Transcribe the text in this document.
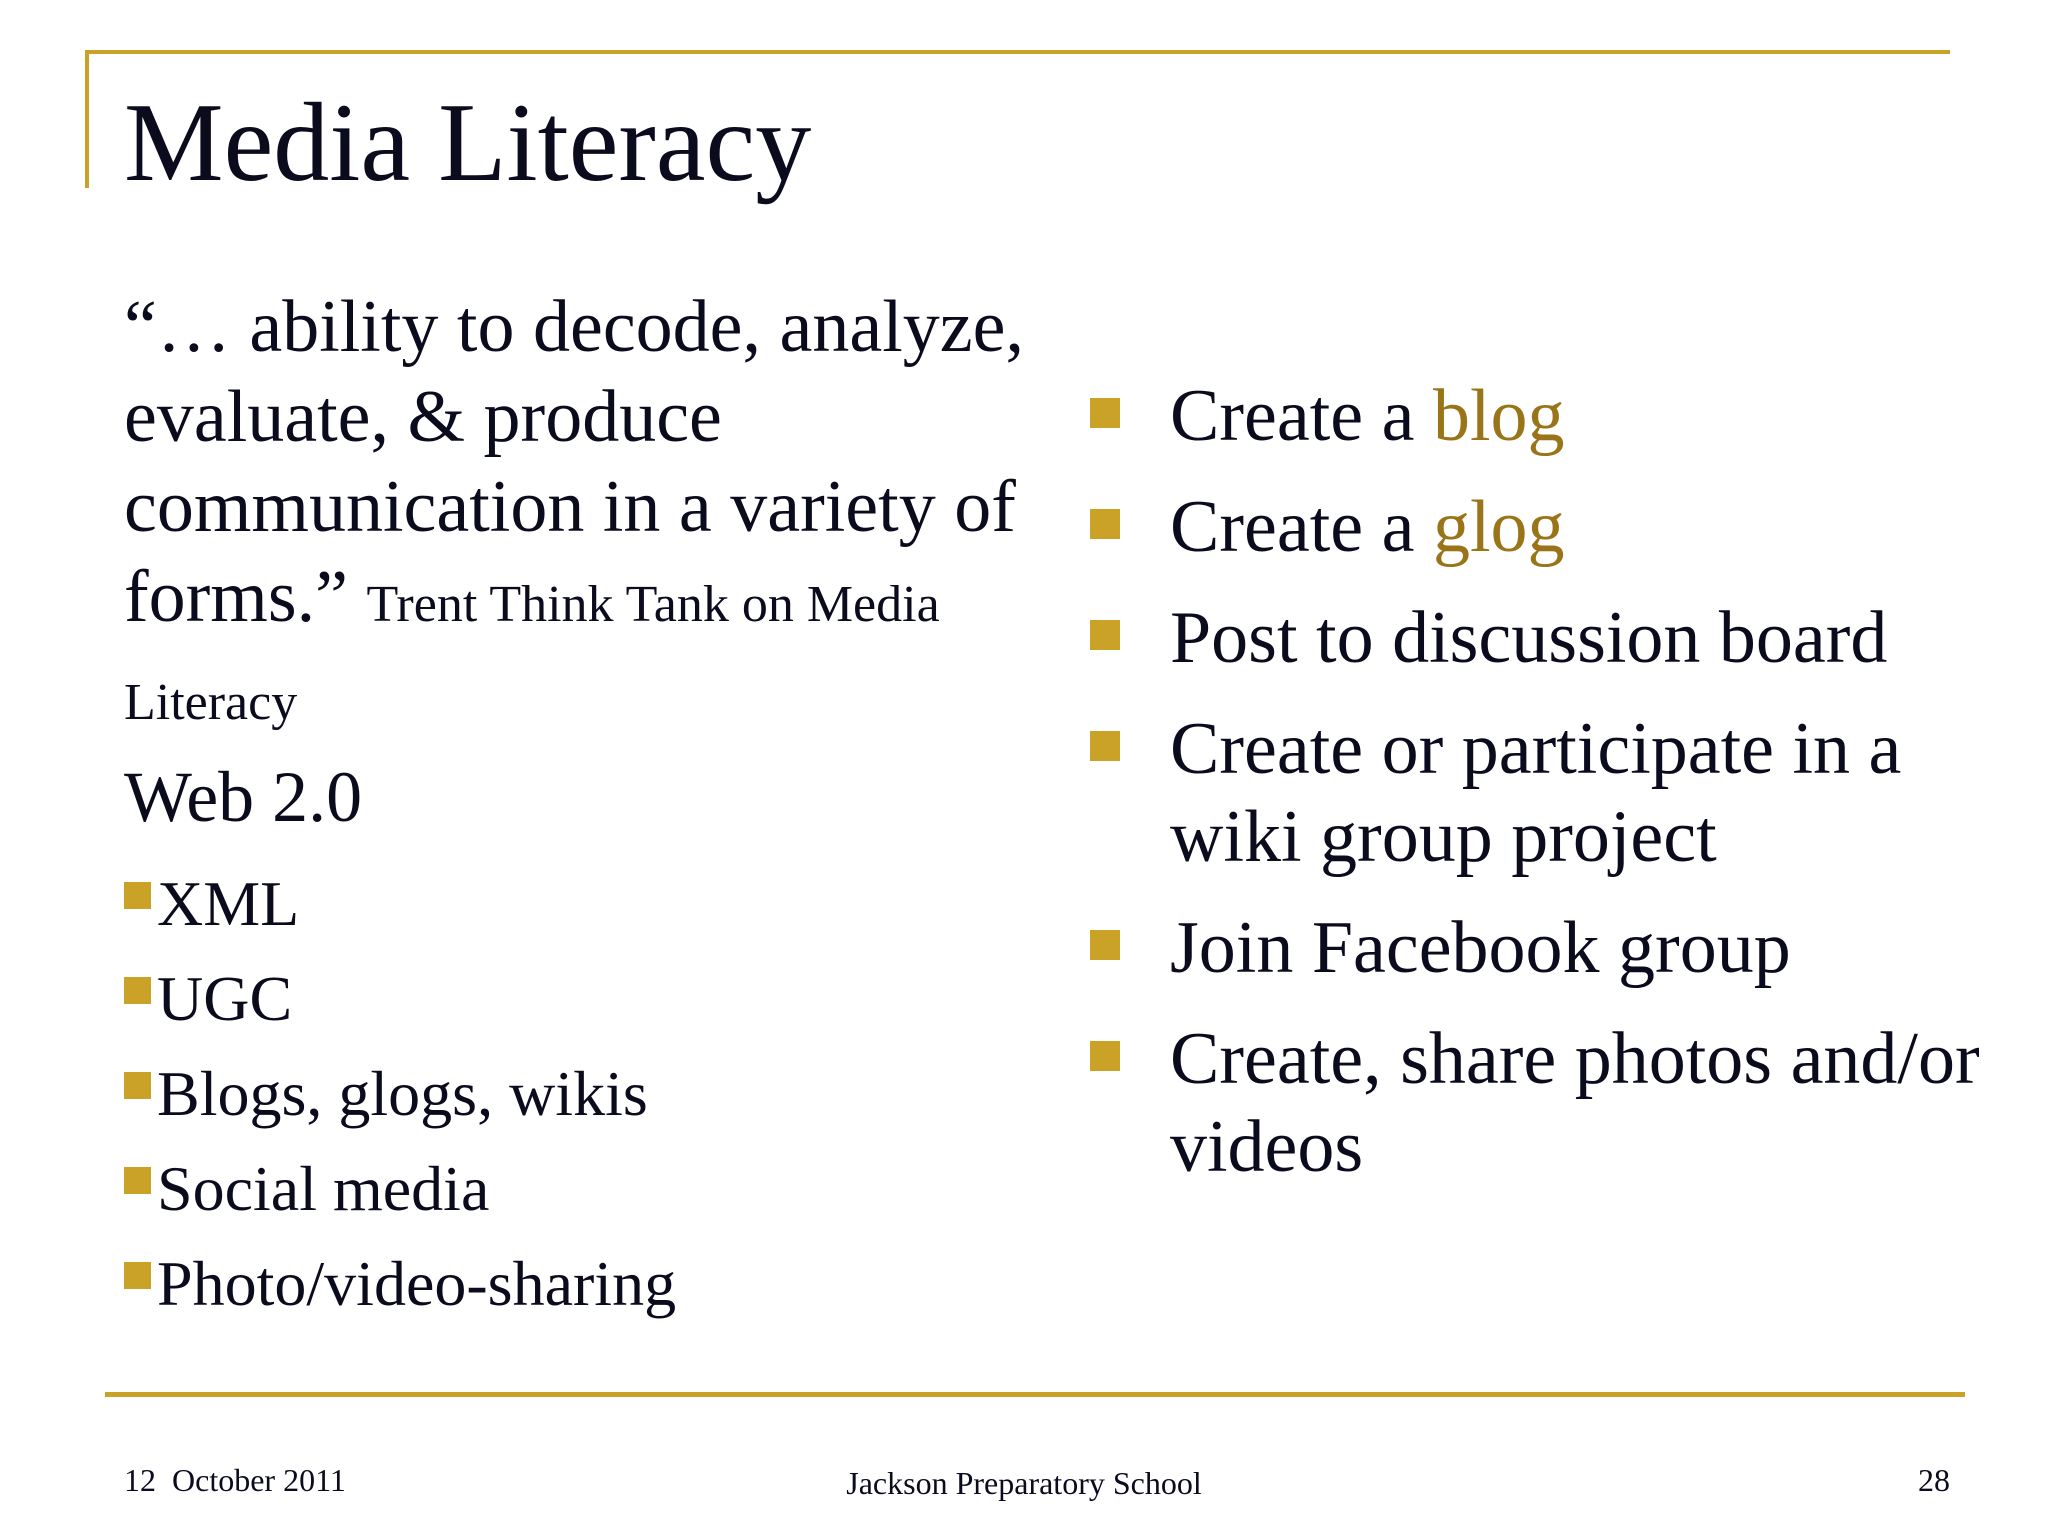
Media Literacy
“… ability to decode, analyze, evaluate, & produce communication in a variety of forms.” Trent Think Tank on Media Literacy
Web 2.0
XML
UGC
Blogs, glogs, wikis
Social media
Photo/video-sharing
Create a blog
Create a glog
Post to discussion board
Create or participate in a wiki group project
Join Facebook group
Create, share photos and/or videos
12  October 2011	Jackson Preparatory School	28
